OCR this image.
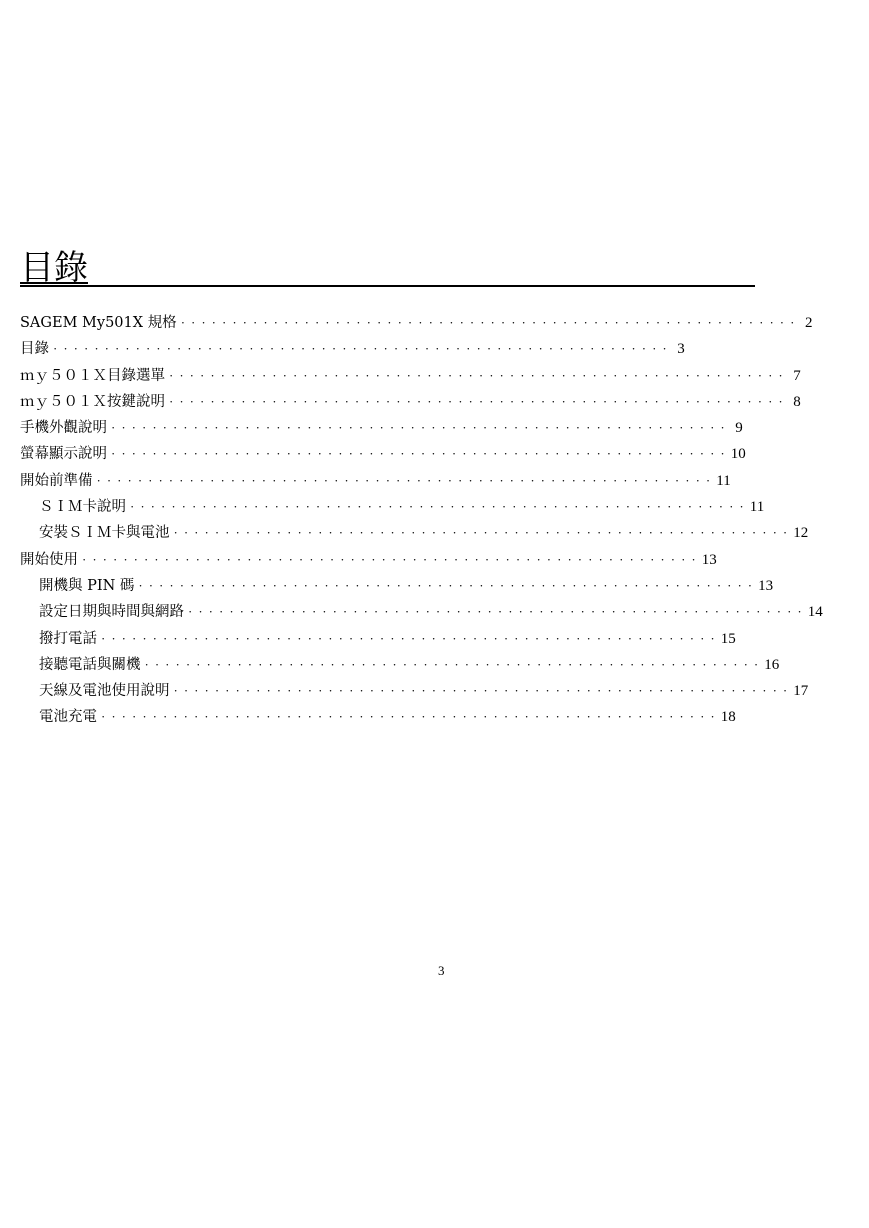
目錄
SAGEM My501X 規格 ···························································· 2
目錄 ···························································· 3
ｍｙ５０１Ｘ目錄選單 ···························································· 7
ｍｙ５０１Ｘ按鍵說明 ···························································· 8
手機外觀說明 ···························································· 9
螢幕顯示說明 ···························································· 10
開始前準備 ···························································· 11
ＳＩＭ卡說明 ···························································· 11
安裝ＳＩＭ卡與電池 ···························································· 12
開始使用 ···························································· 13
開機與 PIN 碼 ···························································· 13
設定日期與時間與網路 ···························································· 14
撥打電話 ···························································· 15
接聽電話與關機 ···························································· 16
天線及電池使用說明 ···························································· 17
電池充電 ···························································· 18
3
